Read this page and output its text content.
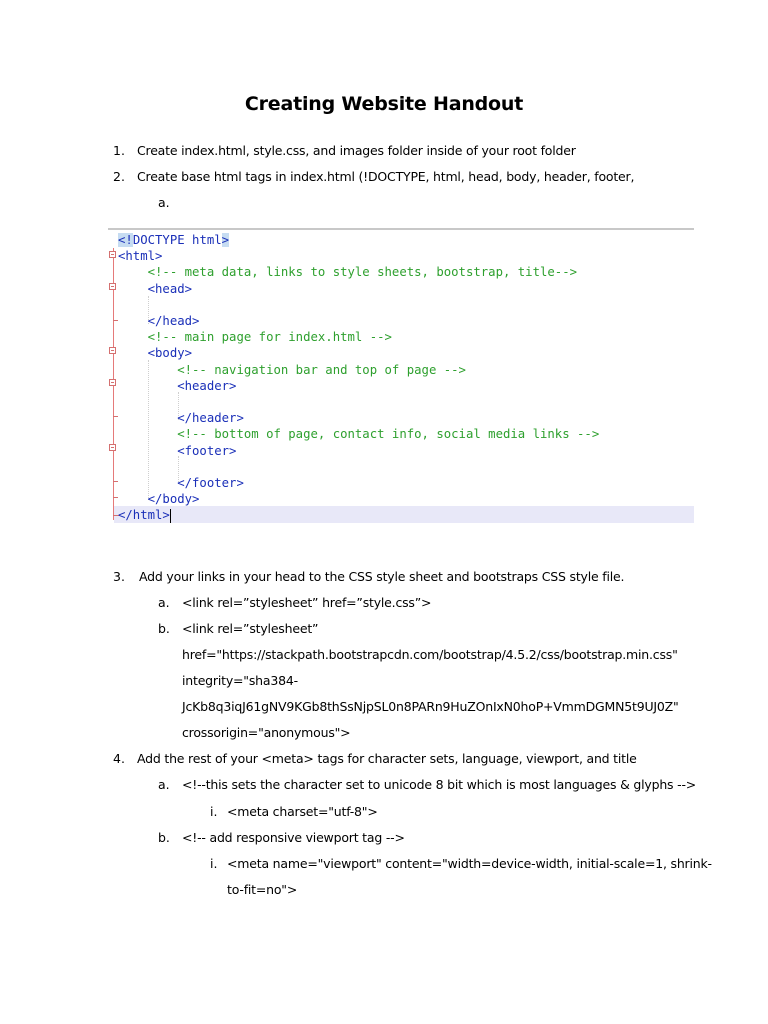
Creating Website Handout
1. Create index.html, style.css, and images folder inside of your root folder
2. Create base html tags in index.html (!DOCTYPE, html, head, body, header, footer,
a.
<!DOCTYPE html>
<html>
<!-- meta data, links to style sheets, bootstrap, title-->
<head>
</head>
<!-- main page for index.html -->
<body>
<!-- navigation bar and top of page -->
<header>
</header>
<!-- bottom of page, contact info, social media links -->
<footer>
</footer>
</body>
</html>
3. Add your links in your head to the CSS style sheet and bootstraps CSS style file.
a. <link rel=”stylesheet” href=”style.css”>
b. <link rel=”stylesheet”
href="https://stackpath.bootstrapcdn.com/bootstrap/4.5.2/css/bootstrap.min.css"
integrity="sha384-
JcKb8q3iqJ61gNV9KGb8thSsNjpSL0n8PARn9HuZOnIxN0hoP+VmmDGMN5t9UJ0Z"
crossorigin="anonymous">
4. Add the rest of your <meta> tags for character sets, language, viewport, and title
a. <!--this sets the character set to unicode 8 bit which is most languages & glyphs -->
i. <meta charset="utf-8">
b. <!-- add responsive viewport tag -->
i. <meta name="viewport" content="width=device-width, initial-scale=1, shrink-
to-fit=no">
